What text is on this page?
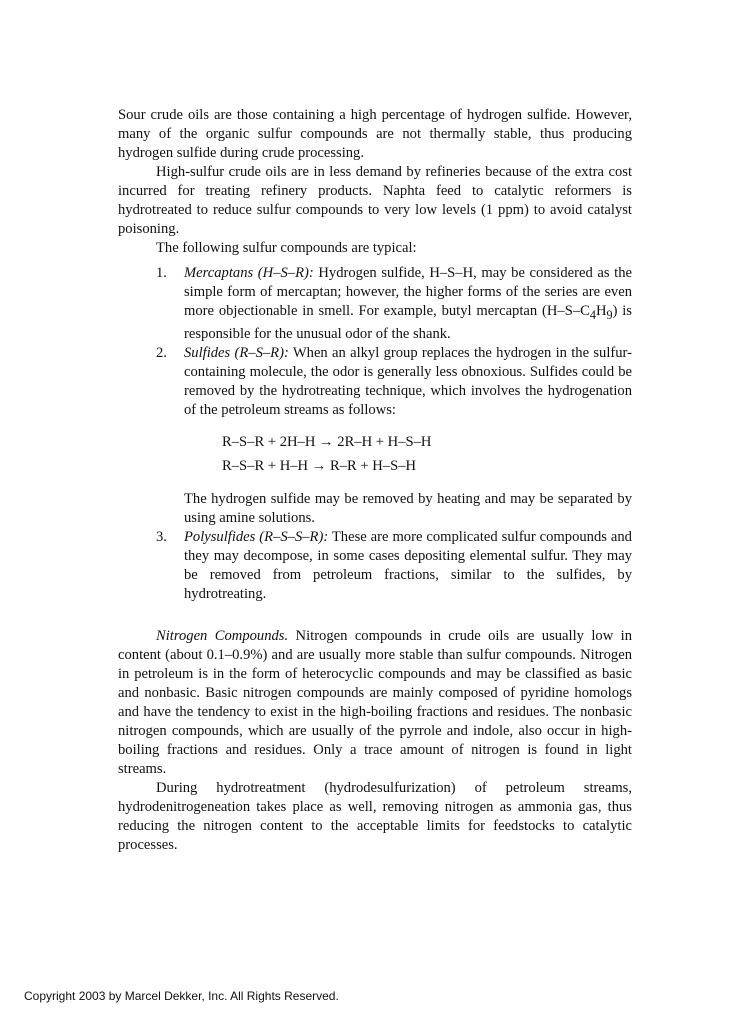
Sour crude oils are those containing a high percentage of hydrogen sulfide. However, many of the organic sulfur compounds are not thermally stable, thus producing hydrogen sulfide during crude processing.

High-sulfur crude oils are in less demand by refineries because of the extra cost incurred for treating refinery products. Naphta feed to catalytic reformers is hydrotreated to reduce sulfur compounds to very low levels (1 ppm) to avoid catalyst poisoning.

The following sulfur compounds are typical:

1. Mercaptans (H–S–R): Hydrogen sulfide, H–S–H, may be considered as the simple form of mercaptan; however, the higher forms of the series are even more objectionable in smell. For example, butyl mercaptan $(H-S-C_4H_9)$ is responsible for the unusual odor of the shank.

2. Sulfides (R–S–R): When an alkyl group replaces the hydrogen in the sulfur-containing molecule, the odor is generally less obnoxious. Sulfides could be removed by the hydrotreating technique, which involves the hydrogenation of the petroleum streams as follows:

R–S–R + 2H–H → 2R–H + H–S–H
R–S–R + H–H → R–R + H–S–H

The hydrogen sulfide may be removed by heating and may be separated by using amine solutions.

3. Polysulfides (R–S–S–R): These are more complicated sulfur compounds and they may decompose, in some cases depositing elemental sulfur. They may be removed from petroleum fractions, similar to the sulfides, by hydrotreating.

Nitrogen Compounds. Nitrogen compounds in crude oils are usually low in content (about 0.1–0.9%) and are usually more stable than sulfur compounds. Nitrogen in petroleum is in the form of heterocyclic compounds and may be classified as basic and nonbasic. Basic nitrogen compounds are mainly composed of pyridine homologs and have the tendency to exist in the high-boiling fractions and residues. The nonbasic nitrogen compounds, which are usually of the pyrrole and indole, also occur in high-boiling fractions and residues. Only a trace amount of nitrogen is found in light streams.

During hydrotreatment (hydrodesulfurization) of petroleum streams, hydrodenitrogeneation takes place as well, removing nitrogen as ammonia gas, thus reducing the nitrogen content to the acceptable limits for feedstocks to catalytic processes.

Copyright 2003 by Marcel Dekker, Inc. All Rights Reserved.
